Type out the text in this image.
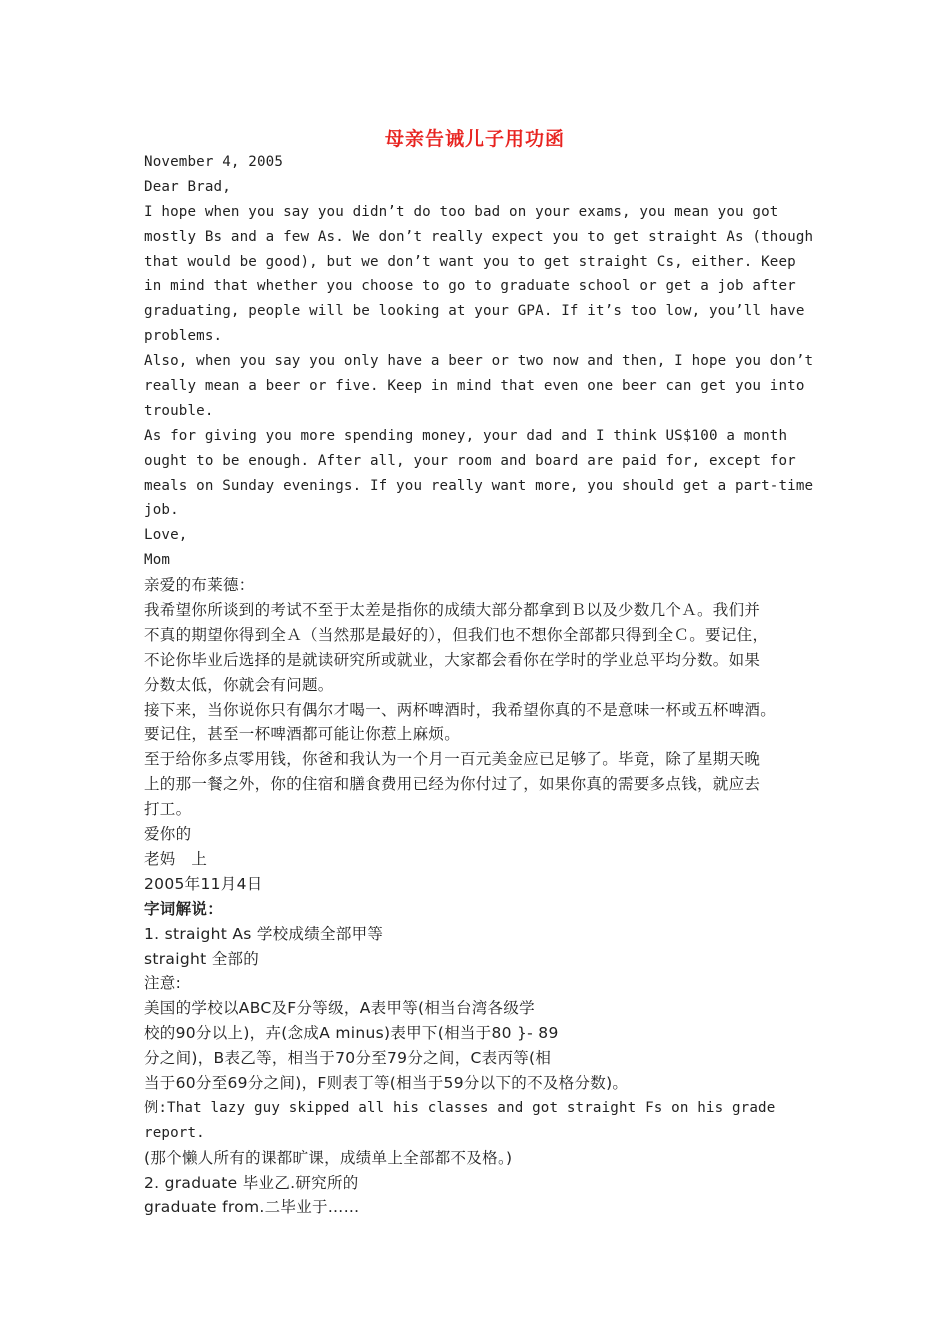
母亲告诫儿子用功函
November 4, 2005
Dear Brad,
I hope when you say you didn’t do too bad on your exams, you mean you got
mostly Bs and a few As. We don’t really expect you to get straight As (though
that would be good), but we don’t want you to get straight Cs, either. Keep
in mind that whether you choose to go to graduate school or get a job after
graduating, people will be looking at your GPA. If it’s too low, you’ll have
problems.
Also, when you say you only have a beer or two now and then, I hope you don’t
really mean a beer or five. Keep in mind that even one beer can get you into
trouble.
As for giving you more spending money, your dad and I think US$100 a month
ought to be enough. After all, your room and board are paid for, except for
meals on Sunday evenings. If you really want more, you should get a part-time
job.
Love,
Mom
亲爱的布莱德：
我希望你所谈到的考试不至于太差是指你的成绩大部分都拿到Ｂ以及少数几个Ａ。我们并
不真的期望你得到全Ａ（当然那是最好的），但我们也不想你全部都只得到全Ｃ。要记住，
不论你毕业后选择的是就读研究所或就业，大家都会看你在学时的学业总平均分数。如果
分数太低，你就会有问题。
接下来，当你说你只有偶尔才喝一、两杯啤酒时，我希望你真的不是意味一杯或五杯啤酒。
要记住，甚至一杯啤酒都可能让你惹上麻烦。
至于给你多点零用钱，你爸和我认为一个月一百元美金应已足够了。毕竟，除了星期天晚
上的那一餐之外，你的住宿和膳食费用已经为你付过了，如果你真的需要多点钱，就应去
打工。
爱你的
老妈　上
2005年11月4日
字词解说：
1. straight As 学校成绩全部甲等
straight 全部的
注意:
美国的学校以ABC及F分等级，A表甲等(相当台湾各级学
校的90分以上)，卉(念成A minus)表甲下(相当于80 }- 89
分之间)，B表乙等，相当于70分至79分之间，C表丙等(相
当于60分至69分之间)，F则表丁等(相当于59分以下的不及格分数)。
例:That lazy guy skipped all his classes and got straight Fs on his grade
report.
(那个懒人所有的课都旷课，成绩单上全部都不及格。)
2. graduate 毕业乙.研究所的
graduate from.二毕业于……
